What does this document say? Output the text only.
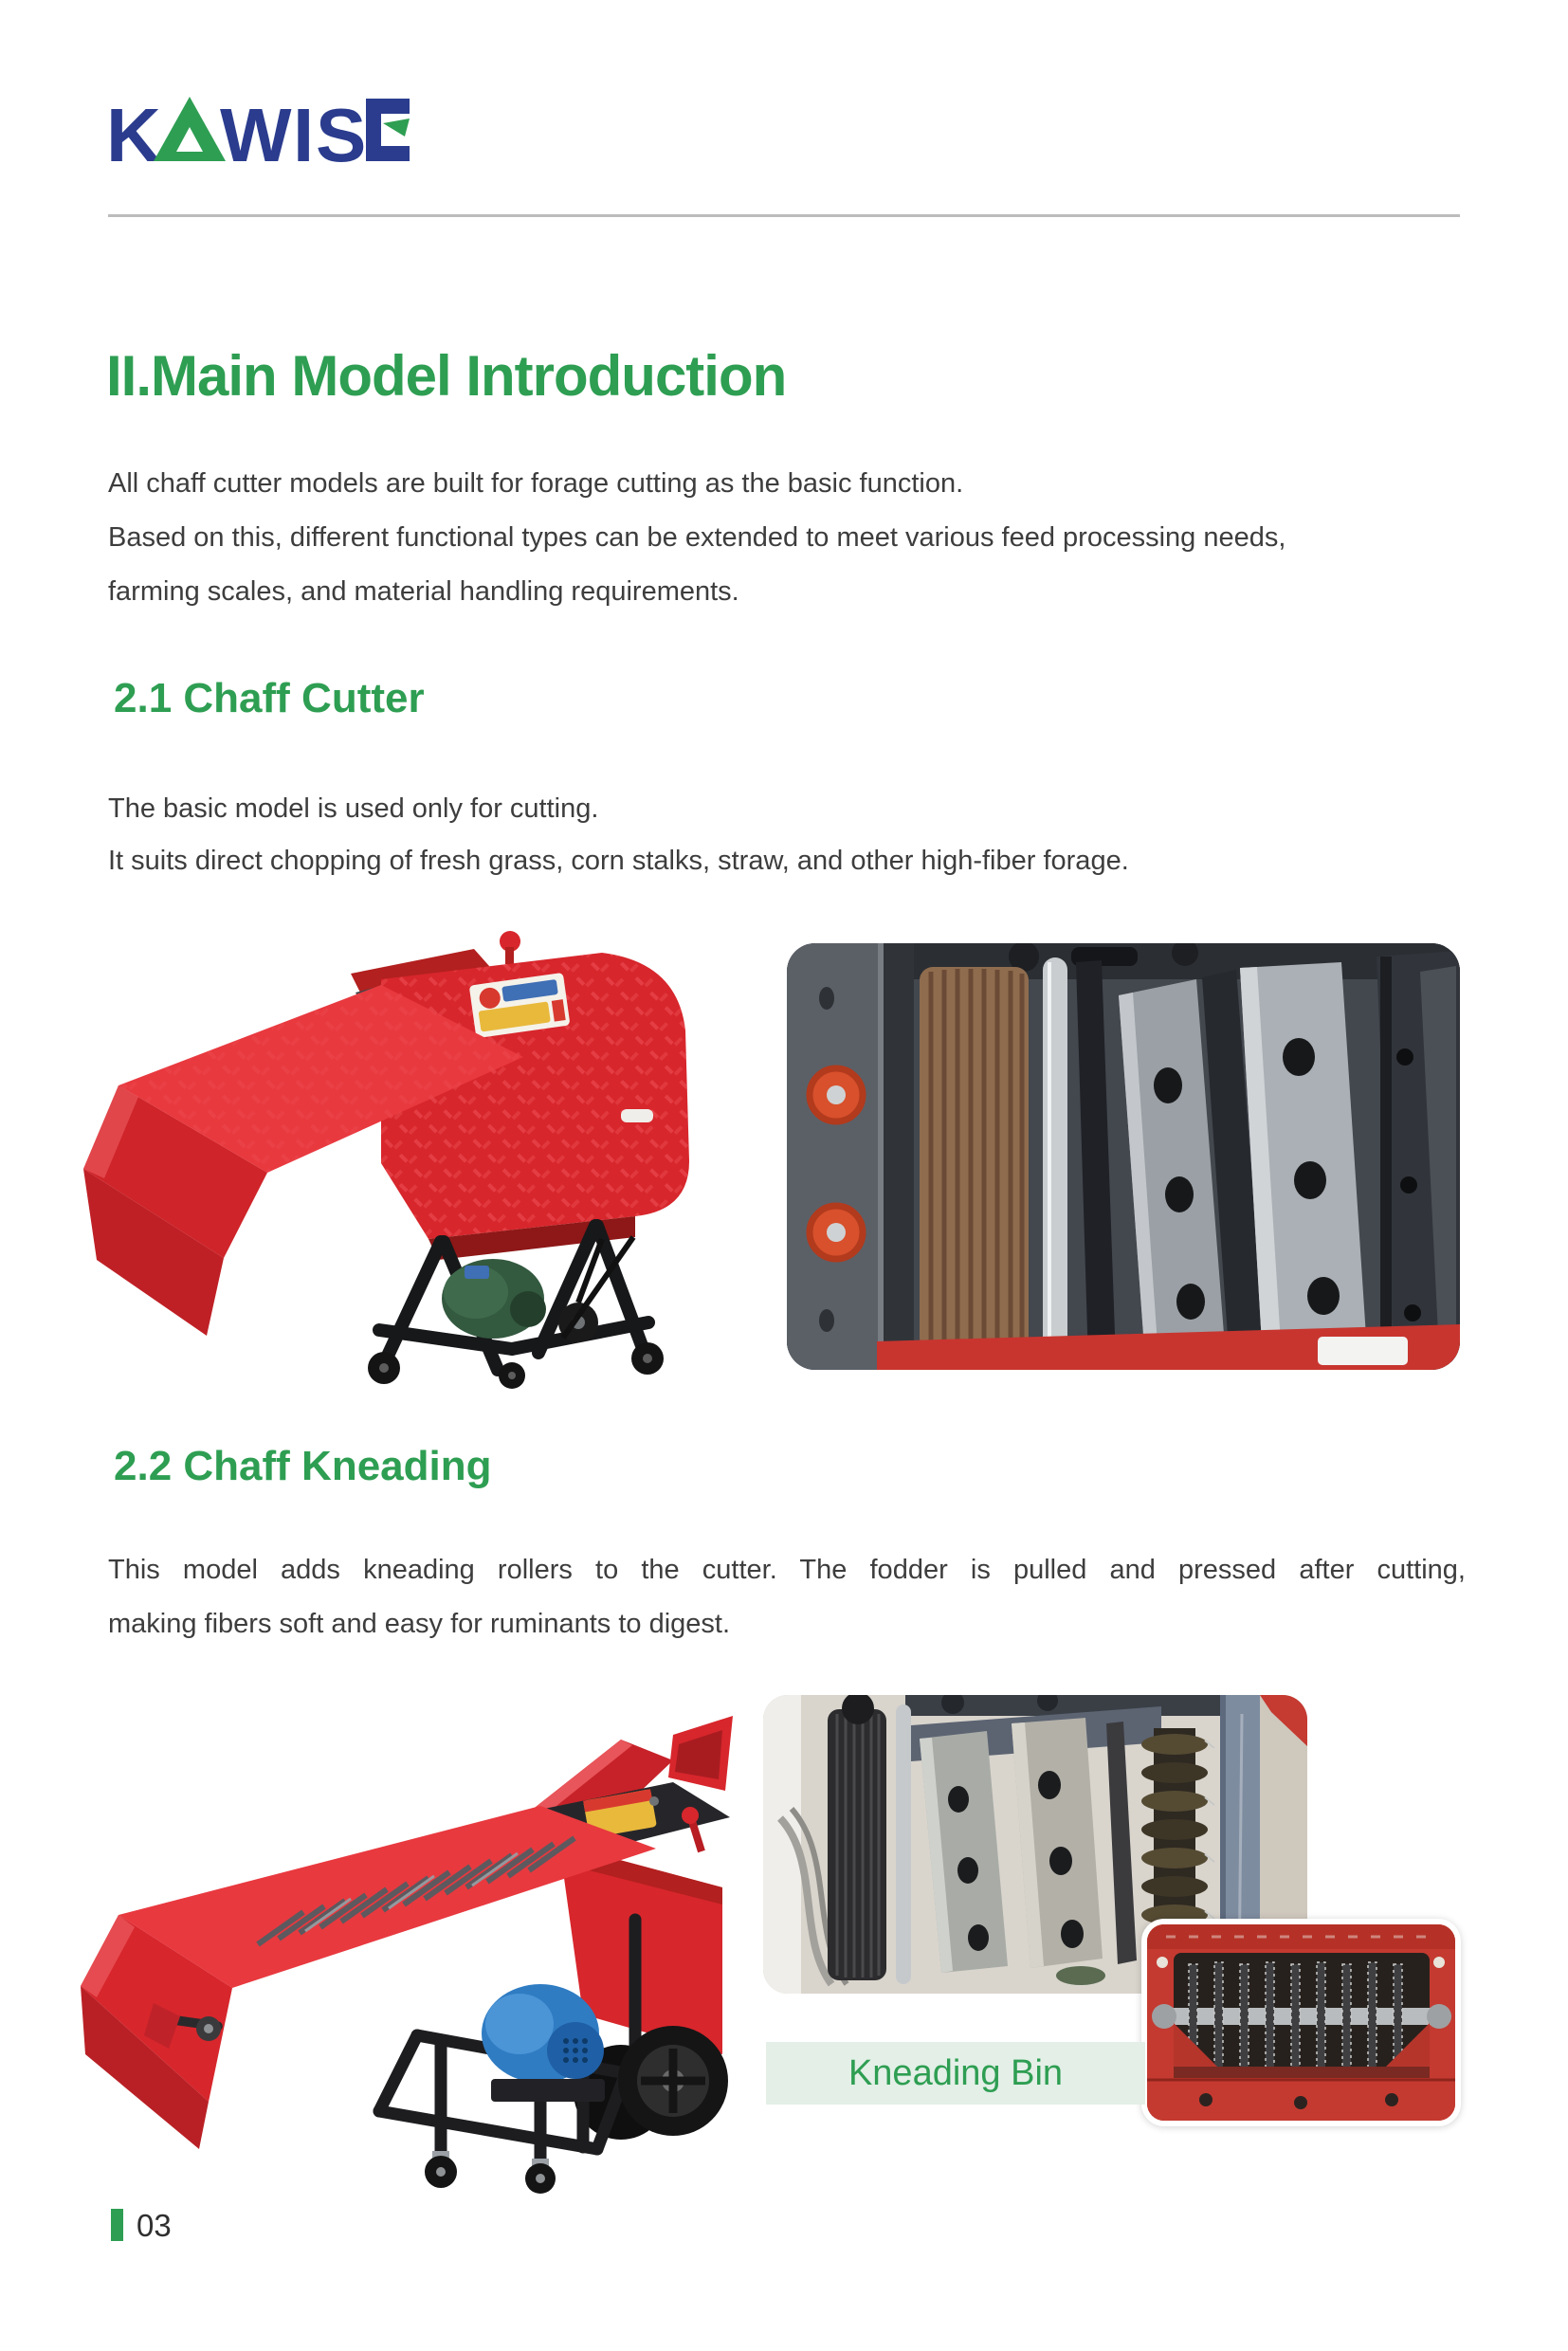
K W I S
II.Main Model Introduction
All chaff cutter models are built for forage cutting as the basic function.
Based on this, different functional types can be extended to meet various feed processing needs,
farming scales, and material handling requirements.
2.1 Chaff Cutter
The basic model is used only for cutting.
It suits direct chopping of fresh grass, corn stalks, straw, and other high-fiber forage.
2.2 Chaff Kneading
This model adds kneading rollers to the cutter. The fodder is pulled and pressed after cutting,
making fibers soft and easy for ruminants to digest.
Kneading Bin
03
